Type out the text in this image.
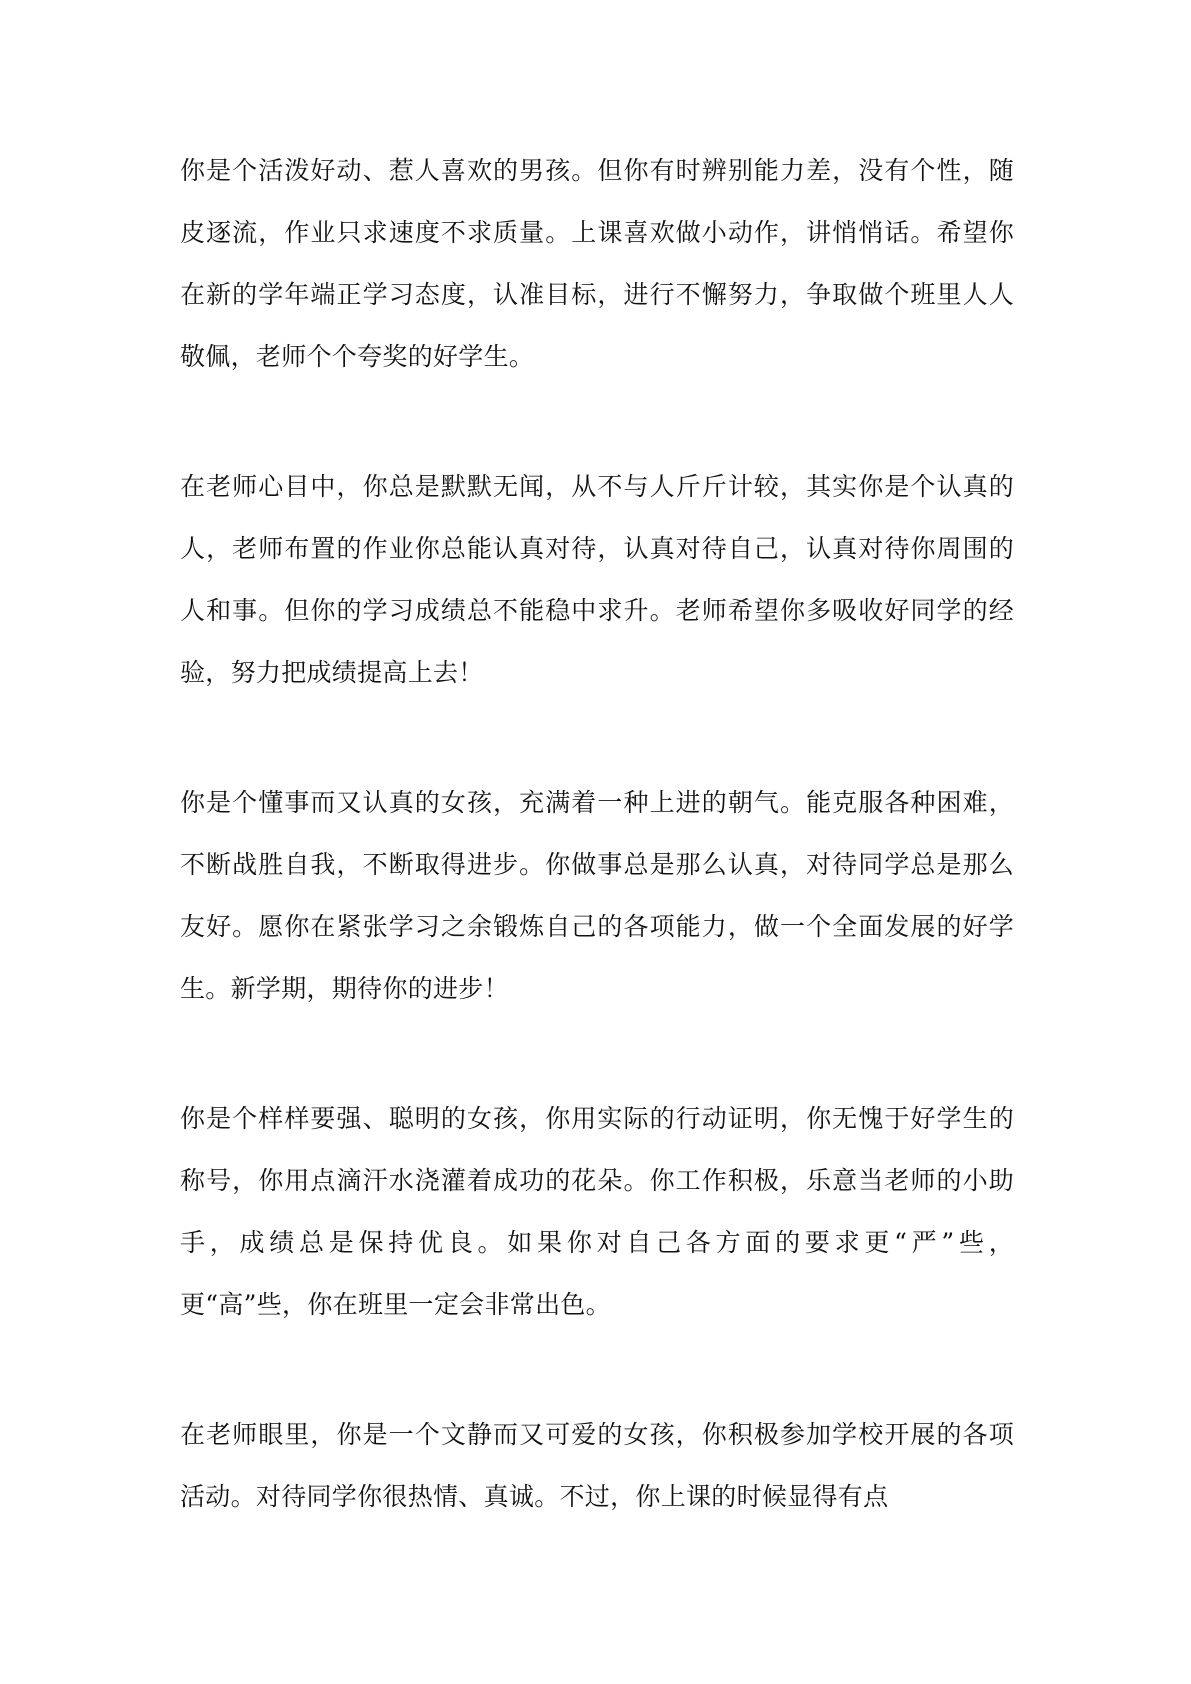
你是个活泼好动、惹人喜欢的男孩。但你有时辨别能力差，没有个性，随皮逐流，作业只求速度不求质量。上课喜欢做小动作，讲悄悄话。希望你在新的学年端正学习态度，认准目标，进行不懈努力，争取做个班里人人敬佩，老师个个夸奖的好学生。

在老师心目中，你总是默默无闻，从不与人斤斤计较，其实你是个认真的人，老师布置的作业你总能认真对待，认真对待自己，认真对待你周围的人和事。但你的学习成绩总不能稳中求升。老师希望你多吸收好同学的经验，努力把成绩提高上去！

你是个懂事而又认真的女孩，充满着一种上进的朝气。能克服各种困难，不断战胜自我，不断取得进步。你做事总是那么认真，对待同学总是那么友好。愿你在紧张学习之余锻炼自己的各项能力，做一个全面发展的好学生。新学期，期待你的进步！

你是个样样要强、聪明的女孩，你用实际的行动证明，你无愧于好学生的称号，你用点滴汗水浇灌着成功的花朵。你工作积极，乐意当老师的小助手，成绩总是保持优良。如果你对自己各方面的要求更“严”些，更“高”些，你在班里一定会非常出色。

在老师眼里，你是一个文静而又可爱的女孩，你积极参加学校开展的各项活动。对待同学你很热情、真诚。不过，你上课的时候显得有点
